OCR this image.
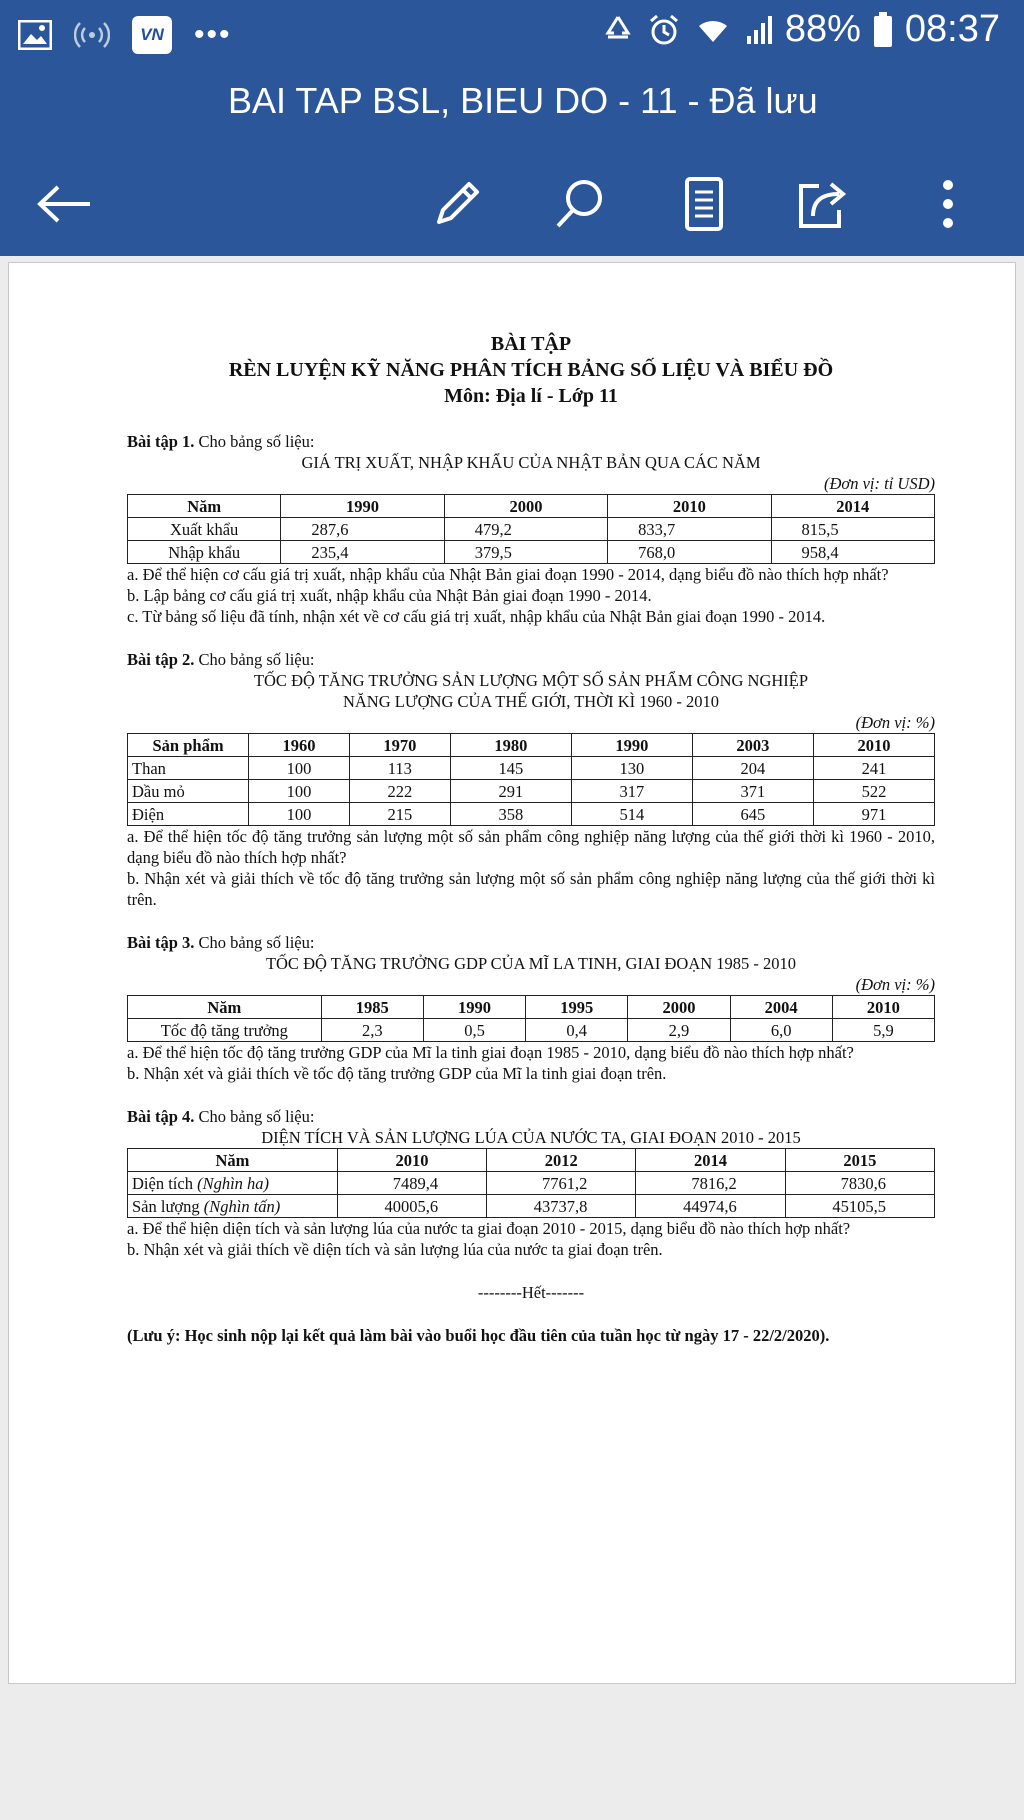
VN •••	88% 08:37
BAI TAP BSL, BIEU DO - 11 - Đã lưu
BÀI TẬP
RÈN LUYỆN KỸ NĂNG PHÂN TÍCH BẢNG SỐ LIỆU VÀ BIỂU ĐỒ
Môn: Địa lí - Lớp 11
Bài tập 1. Cho bảng số liệu:
GIÁ TRỊ XUẤT, NHẬP KHẨU CỦA NHẬT BẢN QUA CÁC NĂM
(Đơn vị: tỉ USD)
Năm	1990	2000	2010	2014
Xuất khẩu	287,6	479,2	833,7	815,5
Nhập khẩu	235,4	379,5	768,0	958,4

a. Để thể hiện cơ cấu giá trị xuất, nhập khẩu của Nhật Bản giai đoạn 1990 - 2014, dạng biểu đồ nào thích hợp nhất?

b. Lập bảng cơ cấu giá trị xuất, nhập khẩu của Nhật Bản giai đoạn 1990 - 2014.

c. Từ bảng số liệu đã tính, nhận xét về cơ cấu giá trị xuất, nhập khẩu của Nhật Bản giai đoạn 1990 - 2014.

Bài tập 2. Cho bảng số liệu:
TỐC ĐỘ TĂNG TRƯỞNG SẢN LƯỢNG MỘT SỐ SẢN PHẨM CÔNG NGHIỆP
NĂNG LƯỢNG CỦA THẾ GIỚI, THỜI KÌ 1960 - 2010
(Đơn vị: %)
Sản phẩm	1960	1970	1980	1990	2003	2010
Than	100	113	145	130	204	241
Dầu mỏ	100	222	291	317	371	522
Điện	100	215	358	514	645	971

a. Để thể hiện tốc độ tăng trưởng sản lượng một số sản phẩm công nghiệp năng lượng của thế giới thời kì 1960 - 2010, dạng biểu đồ nào thích hợp nhất?

b. Nhận xét và giải thích về tốc độ tăng trưởng sản lượng một số sản phẩm công nghiệp năng lượng của thế giới thời kì trên.

Bài tập 3. Cho bảng số liệu:
TỐC ĐỘ TĂNG TRƯỞNG GDP CỦA MĨ LA TINH, GIAI ĐOẠN 1985 - 2010
(Đơn vị: %)
Năm	1985	1990	1995	2000	2004	2010
Tốc độ tăng trưởng	2,3	0,5	0,4	2,9	6,0	5,9

a. Để thể hiện tốc độ tăng trưởng GDP của Mĩ la tinh giai đoạn 1985 - 2010, dạng biểu đồ nào thích hợp nhất?

b. Nhận xét và giải thích về tốc độ tăng trưởng GDP của Mĩ la tinh giai đoạn trên.

Bài tập 4. Cho bảng số liệu:
DIỆN TÍCH VÀ SẢN LƯỢNG LÚA CỦA NƯỚC TA, GIAI ĐOẠN 2010 - 2015
Năm	2010	2012	2014	2015
Diện tích (Nghìn ha)	7489,4	7761,2	7816,2	7830,6
Sản lượng (Nghìn tấn)	40005,6	43737,8	44974,6	45105,5

a. Để thể hiện diện tích và sản lượng lúa của nước ta giai đoạn 2010 - 2015, dạng biểu đồ nào thích hợp nhất?

b. Nhận xét và giải thích về diện tích và sản lượng lúa của nước ta giai đoạn trên.

--------Hết-------

(Lưu ý: Học sinh nộp lại kết quả làm bài vào buổi học đầu tiên của tuần học từ ngày 17 - 22/2/2020).
